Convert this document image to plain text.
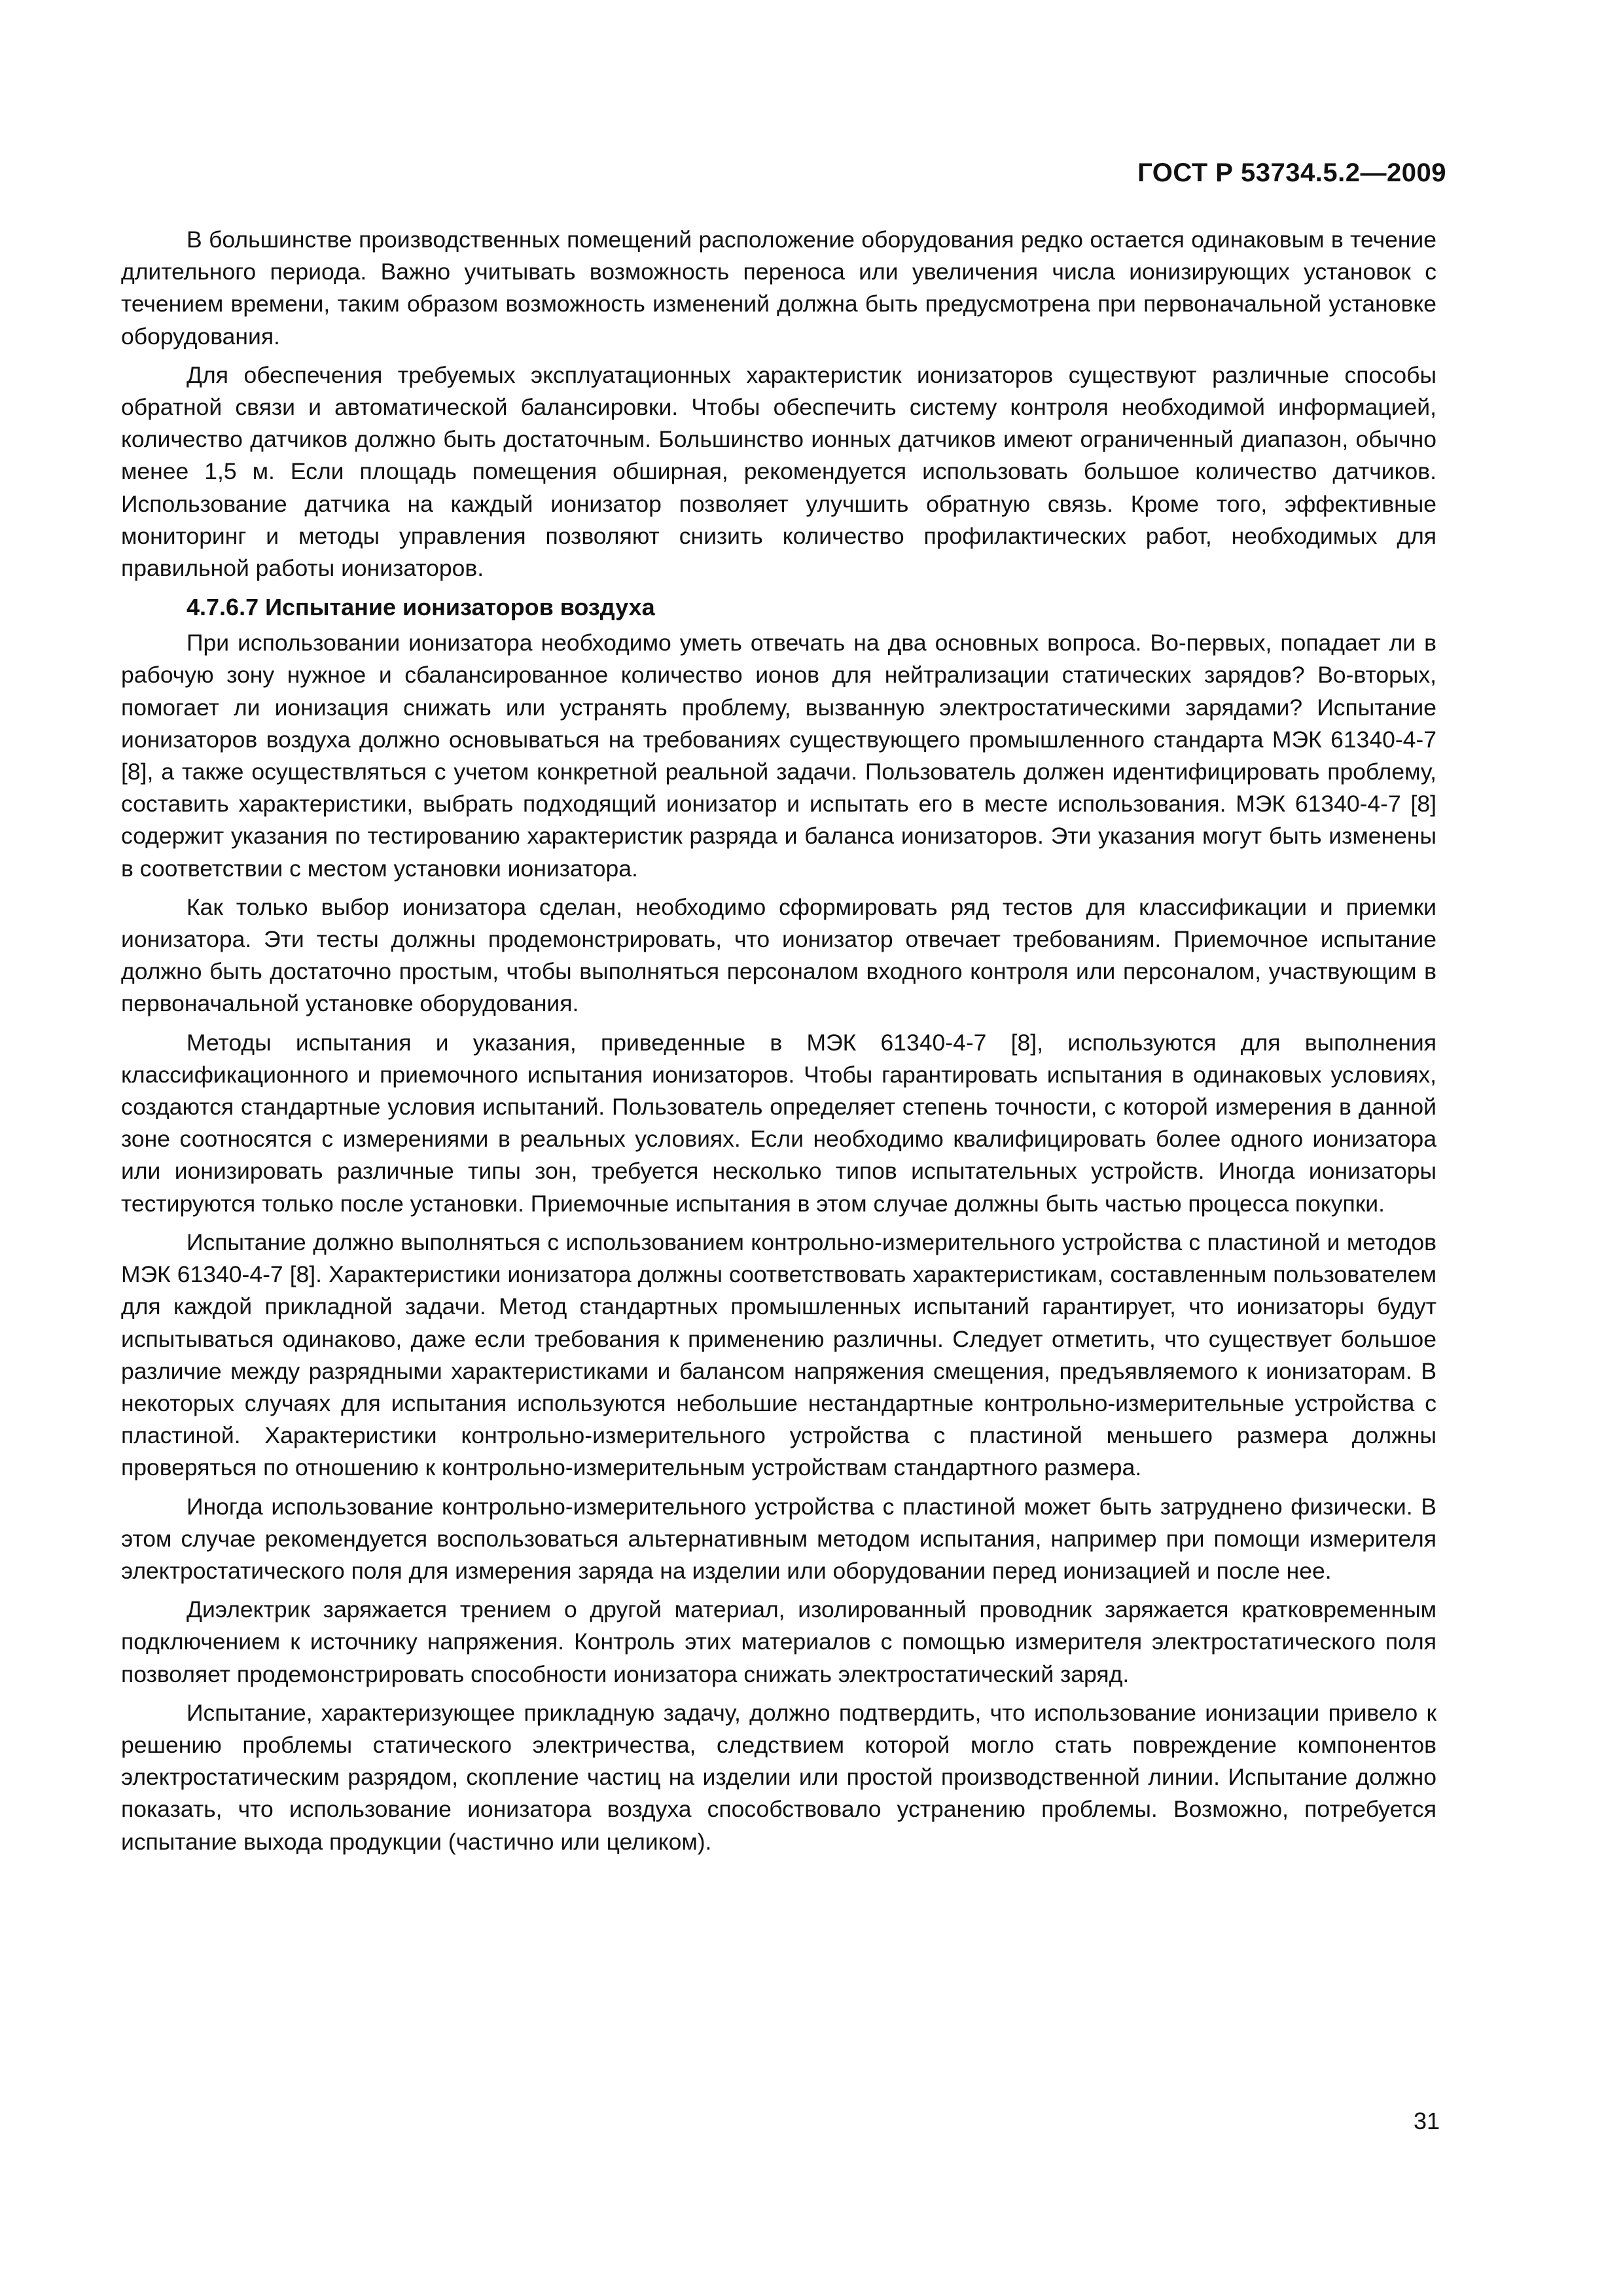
ГОСТ Р 53734.5.2—2009

В большинстве производственных помещений расположение оборудования редко остается одинаковым в течение длительного периода. Важно учитывать возможность переноса или увеличения числа ионизирующих установок с течением времени, таким образом возможность изменений должна быть предусмотрена при первоначальной установке оборудования.

Для обеспечения требуемых эксплуатационных характеристик ионизаторов существуют различные способы обратной связи и автоматической балансировки. Чтобы обеспечить систему контроля необходимой информацией, количество датчиков должно быть достаточным. Большинство ионных датчиков имеют ограниченный диапазон, обычно менее 1,5 м. Если площадь помещения обширная, рекомендуется использовать большое количество датчиков. Использование датчика на каждый ионизатор позволяет улучшить обратную связь. Кроме того, эффективные мониторинг и методы управления позволяют снизить количество профилактических работ, необходимых для правильной работы ионизаторов.

4.7.6.7 Испытание ионизаторов воздуха

При использовании ионизатора необходимо уметь отвечать на два основных вопроса. Во-первых, попадает ли в рабочую зону нужное и сбалансированное количество ионов для нейтрализации статических зарядов? Во-вторых, помогает ли ионизация снижать или устранять проблему, вызванную электростатическими зарядами? Испытание ионизаторов воздуха должно основываться на требованиях существующего промышленного стандарта МЭК 61340-4-7 [8], а также осуществляться с учетом конкретной реальной задачи. Пользователь должен идентифицировать проблему, составить характеристики, выбрать подходящий ионизатор и испытать его в месте использования. МЭК 61340-4-7 [8] содержит указания по тестированию характеристик разряда и баланса ионизаторов. Эти указания могут быть изменены в соответствии с местом установки ионизатора.

Как только выбор ионизатора сделан, необходимо сформировать ряд тестов для классификации и приемки ионизатора. Эти тесты должны продемонстрировать, что ионизатор отвечает требованиям. Приемочное испытание должно быть достаточно простым, чтобы выполняться персоналом входного контроля или персоналом, участвующим в первоначальной установке оборудования.

Методы испытания и указания, приведенные в МЭК 61340-4-7 [8], используются для выполнения классификационного и приемочного испытания ионизаторов. Чтобы гарантировать испытания в одинаковых условиях, создаются стандартные условия испытаний. Пользователь определяет степень точности, с которой измерения в данной зоне соотносятся с измерениями в реальных условиях. Если необходимо квалифицировать более одного ионизатора или ионизировать различные типы зон, требуется несколько типов испытательных устройств. Иногда ионизаторы тестируются только после установки. Приемочные испытания в этом случае должны быть частью процесса покупки.

Испытание должно выполняться с использованием контрольно-измерительного устройства с пластиной и методов МЭК 61340-4-7 [8]. Характеристики ионизатора должны соответствовать характеристикам, составленным пользователем для каждой прикладной задачи. Метод стандартных промышленных испытаний гарантирует, что ионизаторы будут испытываться одинаково, даже если требования к применению различны. Следует отметить, что существует большое различие между разрядными характеристиками и балансом напряжения смещения, предъявляемого к ионизаторам. В некоторых случаях для испытания используются небольшие нестандартные контрольно-измерительные устройства с пластиной. Характеристики контрольно-измерительного устройства с пластиной меньшего размера должны проверяться по отношению к контрольно-измерительным устройствам стандартного размера.

Иногда использование контрольно-измерительного устройства с пластиной может быть затруднено физически. В этом случае рекомендуется воспользоваться альтернативным методом испытания, например при помощи измерителя электростатического поля для измерения заряда на изделии или оборудовании перед ионизацией и после нее.

Диэлектрик заряжается трением о другой материал, изолированный проводник заряжается кратковременным подключением к источнику напряжения. Контроль этих материалов с помощью измерителя электростатического поля позволяет продемонстрировать способности ионизатора снижать электростатический заряд.

Испытание, характеризующее прикладную задачу, должно подтвердить, что использование ионизации привело к решению проблемы статического электричества, следствием которой могло стать повреждение компонентов электростатическим разрядом, скопление частиц на изделии или простой производственной линии. Испытание должно показать, что использование ионизатора воздуха способствовало устранению проблемы. Возможно, потребуется испытание выхода продукции (частично или целиком).

31
